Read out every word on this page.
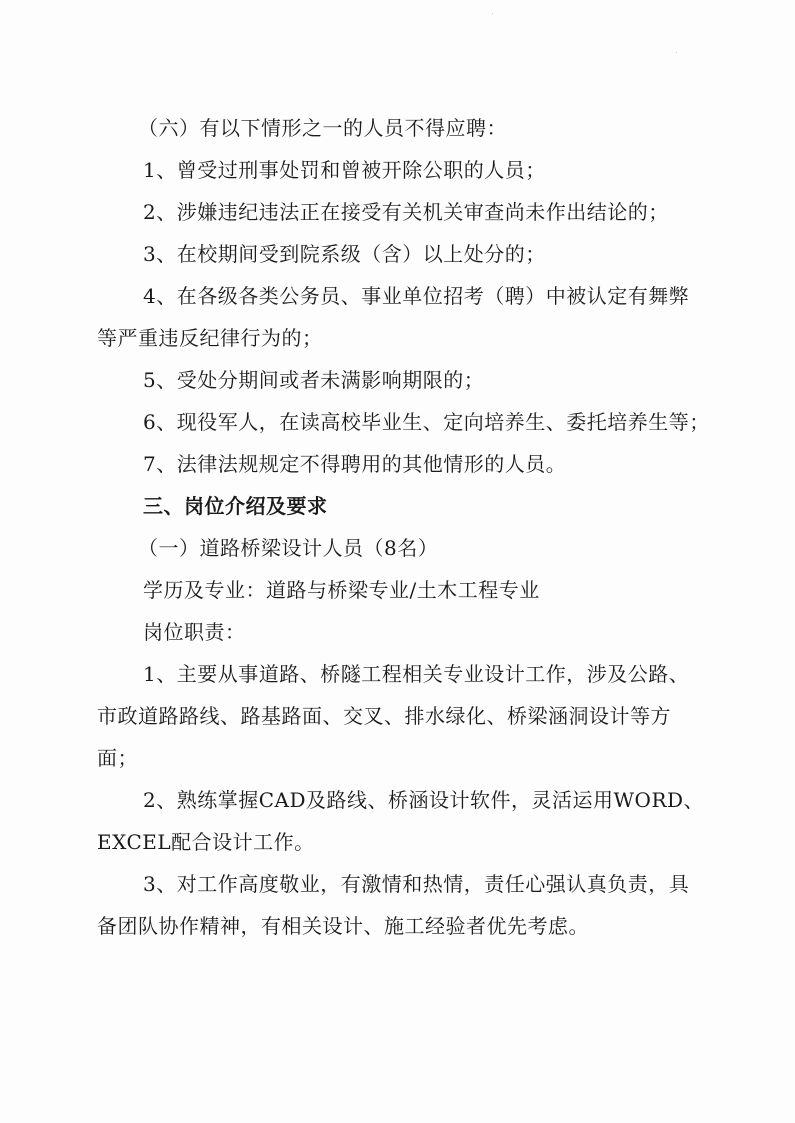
（六）有以下情形之一的人员不得应聘：
1、曾受过刑事处罚和曾被开除公职的人员；
2、涉嫌违纪违法正在接受有关机关审查尚未作出结论的；
3、在校期间受到院系级（含）以上处分的；
4、在各级各类公务员、事业单位招考（聘）中被认定有舞弊
等严重违反纪律行为的；
5、受处分期间或者未满影响期限的；
6、现役军人，在读高校毕业生、定向培养生、委托培养生等；
7、法律法规规定不得聘用的其他情形的人员。
三、岗位介绍及要求
（一）道路桥梁设计人员（8名）
学历及专业：道路与桥梁专业/土木工程专业
岗位职责：
1、主要从事道路、桥隧工程相关专业设计工作，涉及公路、
市政道路路线、路基路面、交叉、排水绿化、桥梁涵洞设计等方
面；
2、熟练掌握CAD及路线、桥涵设计软件，灵活运用WORD、
EXCEL配合设计工作。
3、对工作高度敬业，有激情和热情，责任心强认真负责，具
备团队协作精神，有相关设计、施工经验者优先考虑。
